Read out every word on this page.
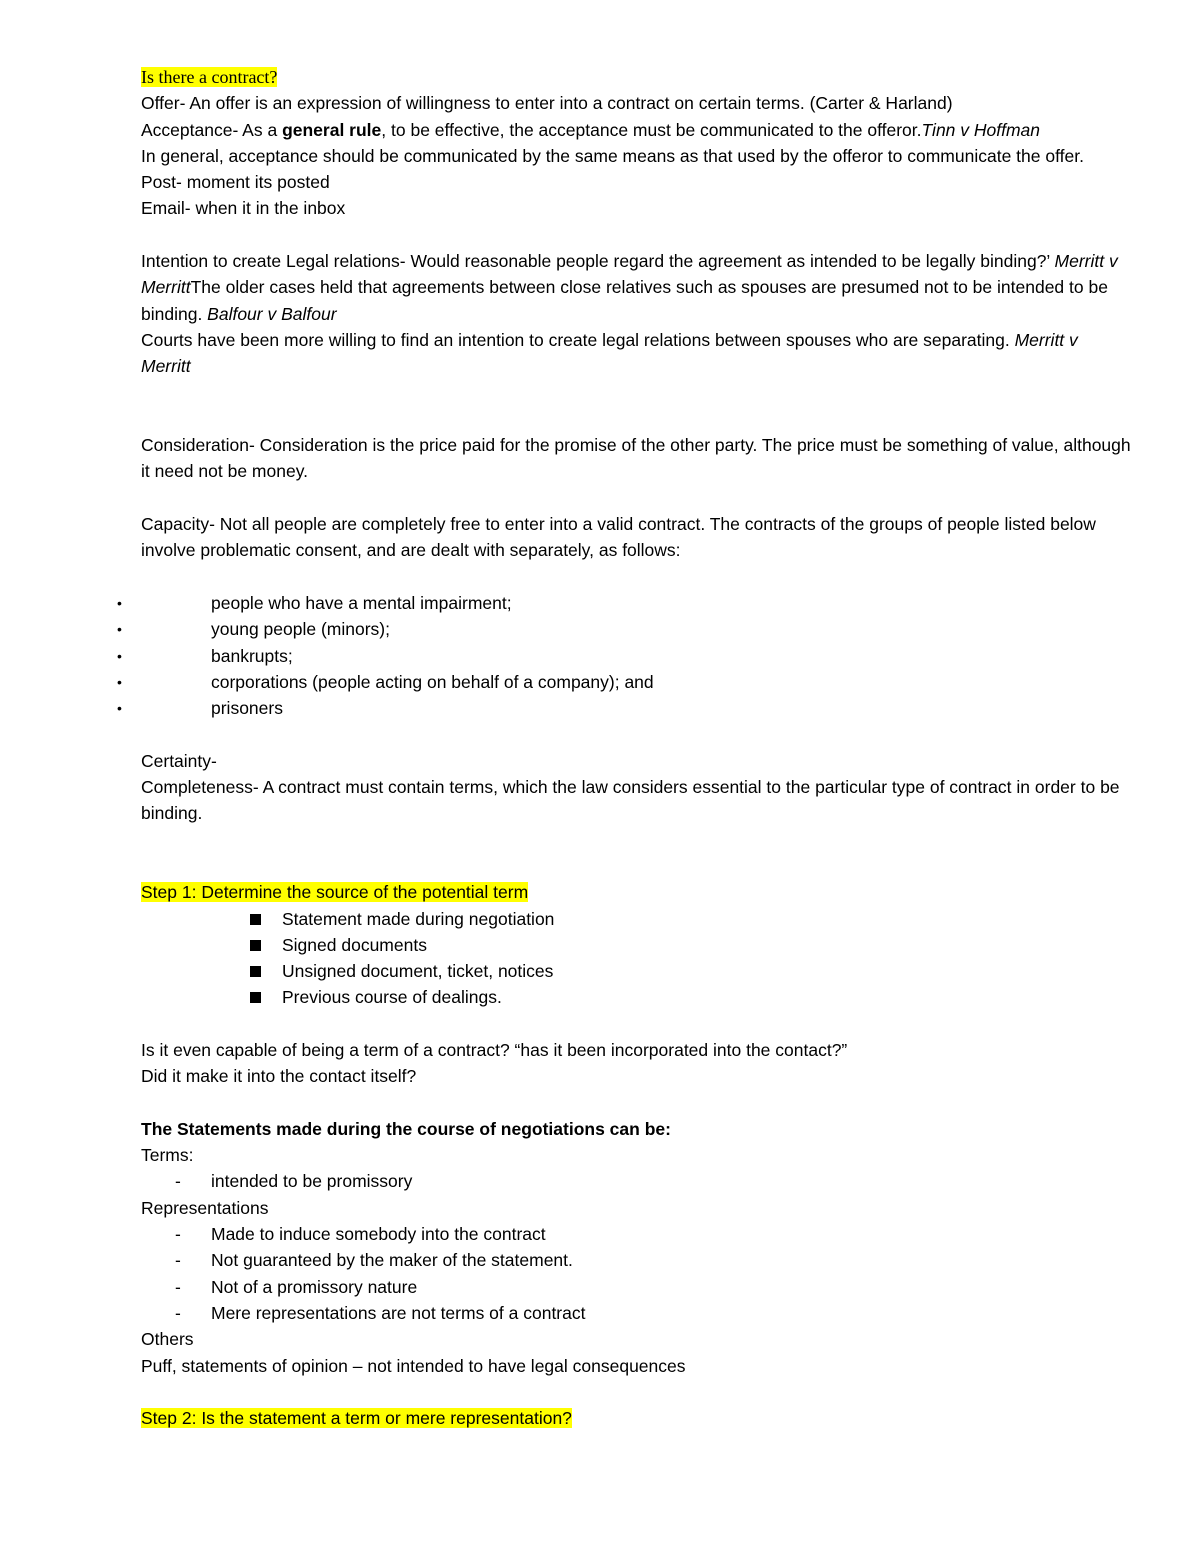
Is there a contract?
Offer- An offer is an expression of willingness to enter into a contract on certain terms. (Carter & Harland)
Acceptance- As a general rule, to be effective, the acceptance must be communicated to the offeror.Tinn v Hoffman
In general, acceptance should be communicated by the same means as that used by the offeror to communicate the offer.
Post- moment its posted
Email- when it in the inbox
Intention to create Legal relations- Would reasonable people regard the agreement as intended to be legally binding?’ Merritt v MerrittThe older cases held that agreements between close relatives such as spouses are presumed not to be intended to be binding. Balfour v Balfour
Courts have been more willing to find an intention to create legal relations between spouses who are separating. Merritt v Merritt
Consideration- Consideration is the price paid for the promise of the other party. The price must be something of value, although it need not be money.
Capacity- Not all people are completely free to enter into a valid contract. The contracts of the groups of people listed below involve problematic consent, and are dealt with separately, as follows:
•	people who have a mental impairment;
•	young people (minors);
•	bankrupts;
•	corporations (people acting on behalf of a company); and
•	prisoners
Certainty-
Completeness- A contract must contain terms, which the law considers essential to the particular type of contract in order to be binding.
Step 1: Determine the source of the potential term
Statement made during negotiation
Signed documents
Unsigned document, ticket, notices
Previous course of dealings.
Is it even capable of being a term of a contract? “has it been incorporated into the contact?”
Did it make it into the contact itself?
The Statements made during the course of negotiations can be:
Terms:
- intended to be promissory
Representations
- Made to induce somebody into the contract
- Not guaranteed by the maker of the statement.
- Not of a promissory nature
- Mere representations are not terms of a contract
Others
Puff, statements of opinion – not intended to have legal consequences
Step 2: Is the statement a term or mere representation?
